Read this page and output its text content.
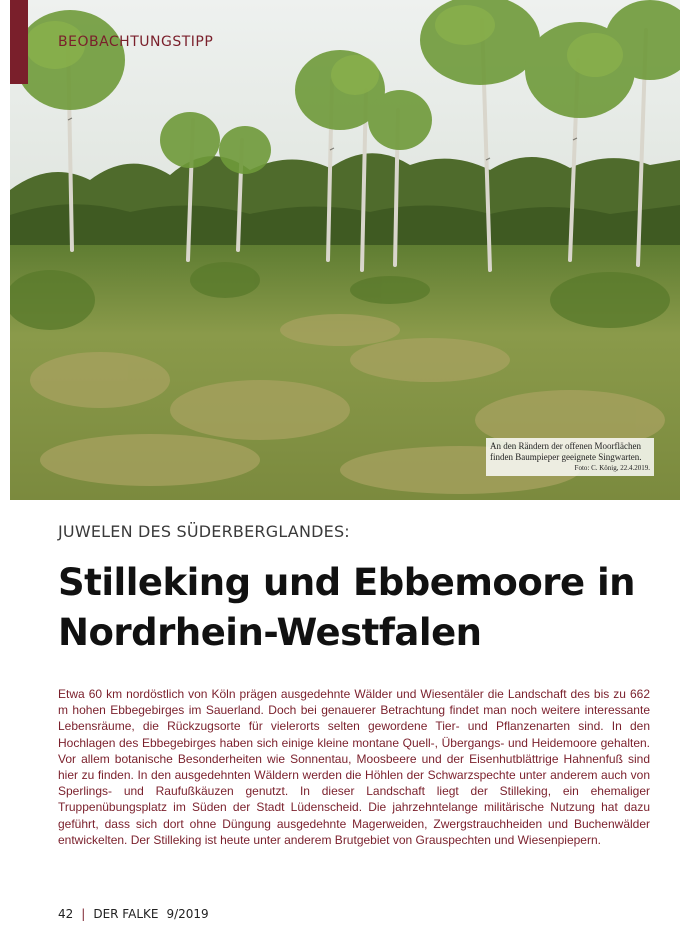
BEOBACHTUNGSTIPP
An den Rändern der offenen Moorflächen finden Baumpieper geeignete Singwarten.
Foto: C. König, 22.4.2019.
JUWELEN DES SÜDERBERGLANDES:
Stilleking und Ebbemoore in Nordrhein-Westfalen
Etwa 60 km nordöstlich von Köln prägen ausgedehnte Wälder und Wiesentäler die Landschaft des bis zu 662 m hohen Ebbegebirges im Sauerland. Doch bei genauerer Betrachtung findet man noch weitere interessante Lebensräume, die Rückzugsorte für vielerorts selten gewordene Tier- und Pflanzenarten sind. In den Hochlagen des Ebbegebirges haben sich einige kleine montane Quell-, Übergangs- und Heidemoore gehalten. Vor allem botanische Besonderheiten wie Sonnentau, Moosbeere und der Eisenhutblättrige Hahnenfuß sind hier zu finden. In den ausgedehnten Wäldern werden die Höhlen der Schwarzspechte unter anderem auch von Sperlings- und Raufußkäuzen genutzt. In dieser Landschaft liegt der Stilleking, ein ehemaliger Truppenübungsplatz im Süden der Stadt Lüdenscheid. Die jahrzehntelange militärische Nutzung hat dazu geführt, dass sich dort ohne Düngung ausgedehnte Magerweiden, Zwergstrauchheiden und Buchenwälder entwickelten. Der Stilleking ist heute unter anderem Brutgebiet von Grauspechten und Wiesenpiepern.
42 | DER FALKE 9/2019
